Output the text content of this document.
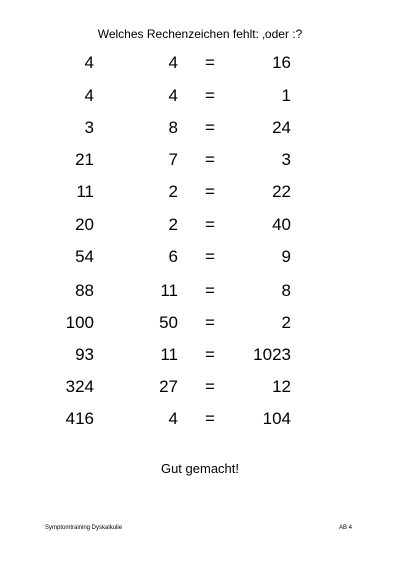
Welches Rechenzeichen fehlt: ‚oder :?
4	4 =	16
4	4 =	1
3	8 =	24
21	7 =	3
11	2 =	22
20	2 =	40
54	6 =	9
88	11 =	8
100	50 =	2
93	11 = 1023
324	27 =	12
416	4 =	104
Gut gemacht!
Symptomtraining Dyskalkulie	AB 4
